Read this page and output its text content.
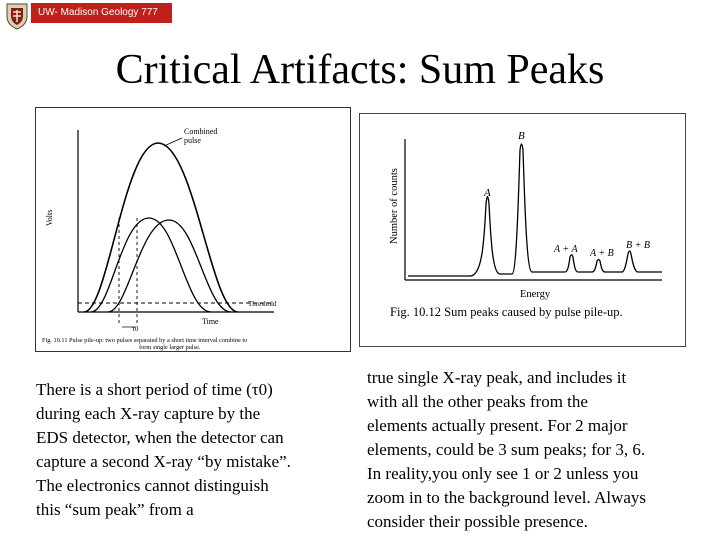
UW- Madison Geology 777
Critical Artifacts: Sum Peaks
Combined
pulse
Volts
Time
Threshold
τ0
Fig. 10.11 Pulse pile-up: two pulses separated by a short time interval combine to
form single larger pulse.
A
B
A + A A + B
B + B
Number of counts
Energy
Fig. 10.12 Sum peaks caused by pulse pile-up.
There is a short period of time (τ0)
during each X-ray capture by the
EDS detector, when the detector can
capture a second X-ray “by mistake”.
The electronics cannot distinguish
this “sum peak” from a
true single X-ray peak, and includes it
with all the other peaks from the
elements actually present. For 2 major
elements, could be 3 sum peaks; for 3, 6.
In reality,you only see 1 or 2 unless you
zoom in to the background level. Always
consider their possible presence.
